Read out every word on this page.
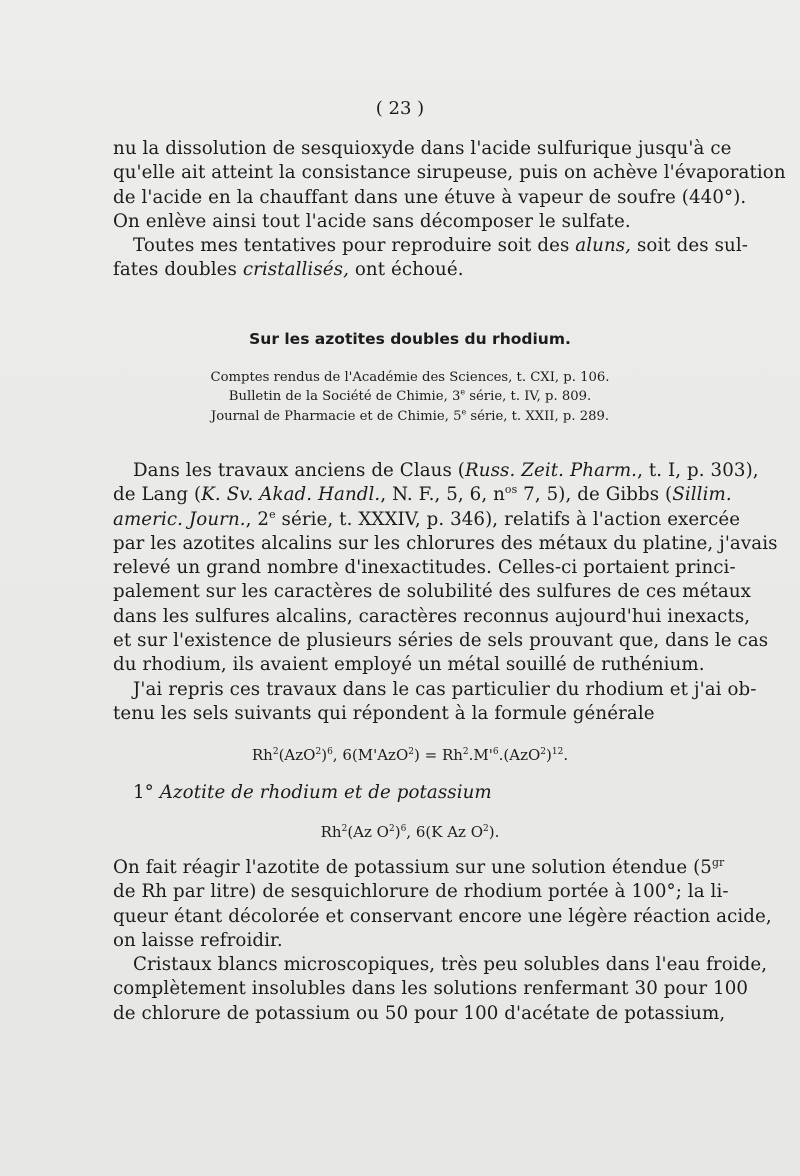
( 23 )
nu la dissolution de sesquioxyde dans l'acide sulfurique jusqu'à ce
qu'elle ait atteint la consistance sirupeuse, puis on achève l'évaporation
de l'acide en la chauffant dans une étuve à vapeur de soufre (440°).
On enlève ainsi tout l'acide sans décomposer le sulfate.
Toutes mes tentatives pour reproduire soit des aluns, soit des sul-
fates doubles cristallisés, ont échoué.
Sur les azotites doubles du rhodium.
Comptes rendus de l'Académie des Sciences, t. CXI, p. 106.
Bulletin de la Société de Chimie, 3e série, t. IV, p. 809.
Journal de Pharmacie et de Chimie, 5e série, t. XXII, p. 289.
Dans les travaux anciens de Claus (Russ. Zeit. Pharm., t. I, p. 303),
de Lang (K. Sv. Akad. Handl., N. F., 5, 6, $n^{os}$ 7, 5), de Gibbs (Sillim.
americ. Journ., 2e série, t. XXXIV, p. 346), relatifs à l'action exercée
par les azotites alcalins sur les chlorures des métaux du platine, j'avais
relevé un grand nombre d'inexactitudes. Celles-ci portaient princi-
palement sur les caractères de solubilité des sulfures de ces métaux
dans les sulfures alcalins, caractères reconnus aujourd'hui inexacts,
et sur l'existence de plusieurs séries de sels prouvant que, dans le cas
du rhodium, ils avaient employé un métal souillé de ruthénium.
J'ai repris ces travaux dans le cas particulier du rhodium et j'ai ob-
tenu les sels suivants qui répondent à la formule générale
$Rh^2(AzO^2)^6$, $6(M'AzO^2) = Rh^2.M'^6.(AzO^2)^{12}$.
1° Azotite de rhodium et de potassium
Rh$^2$(Az $O^2)^6$, 6(K Az $O^2$).
On fait réagir l'azotite de potassium sur une solution étendue ($5^{gr}$
de Rh par litre) de sesquichlorure de rhodium portée à 100°; la li-
queur étant décolorée et conservant encore une légère réaction acide,
on laisse refroidir.
Cristaux blancs microscopiques, très peu solubles dans l'eau froide,
complètement insolubles dans les solutions renfermant 30 pour 100
de chlorure de potassium ou 50 pour 100 d'acétate de potassium,
